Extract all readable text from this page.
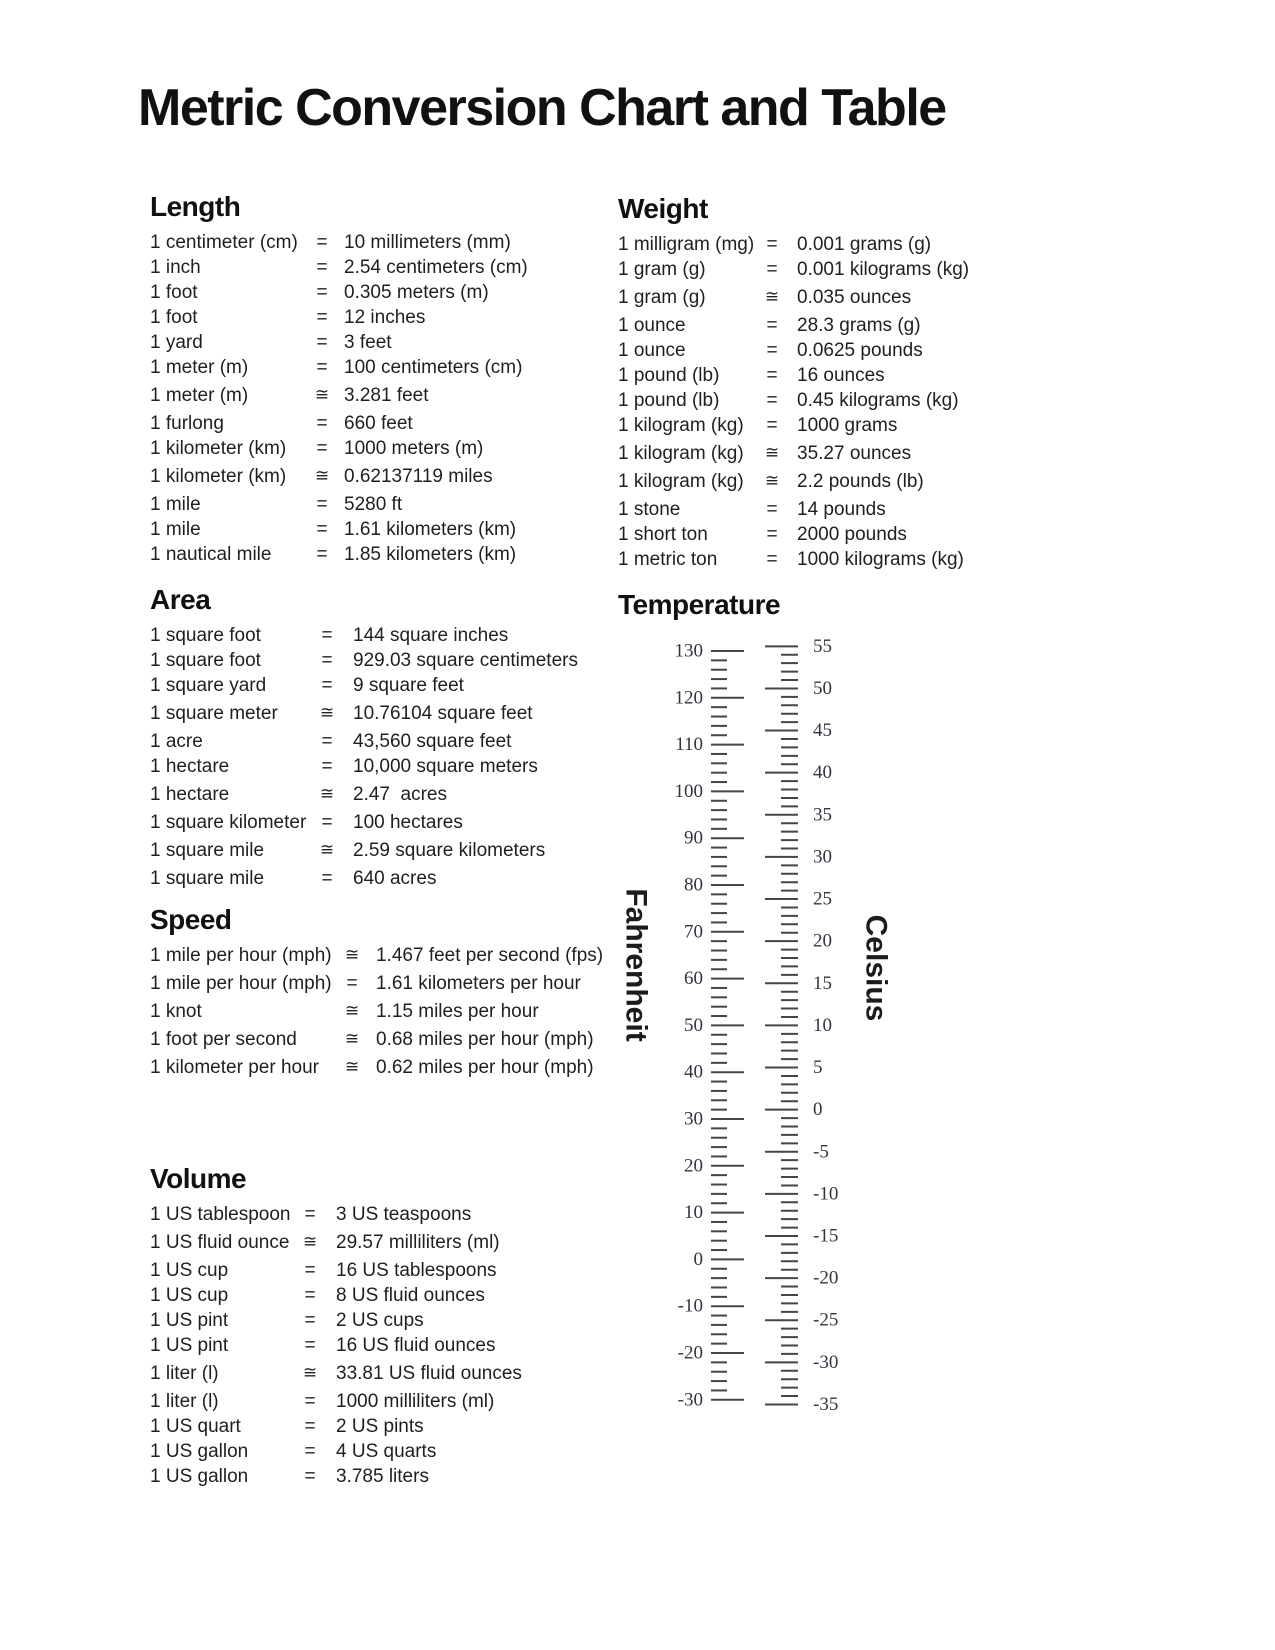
Metric Conversion Chart and Table
Length
1 centimeter (cm) = 10 millimeters (mm)
1 inch	= 2.54 centimeters (cm)
1 foot	= 0.305 meters (m)
1 foot	= 12 inches
1 yard	= 3 feet
1 meter (m)	= 100 centimeters (cm)
1 meter (m)	≅ 3.281 feet
1 furlong	= 660 feet
1 kilometer (km)	= 1000 meters (m)
1 kilometer (km)	≅ 0.62137119 miles
1 mile	= 5280 ft
1 mile	= 1.61 kilometers (km)
1 nautical mile	= 1.85 kilometers (km)
Weight
1 milligram (mg) =	0.001 grams (g)
1 gram (g)	=	0.001 kilograms (kg)
1 gram (g)	≅ 0.035 ounces
1 ounce	=	28.3 grams (g)
1 ounce	=	0.0625 pounds
1 pound (lb)	=	16 ounces
1 pound (lb)	=	0.45 kilograms (kg)
1 kilogram (kg)	=	1000 grams
1 kilogram (kg)	≅ 35.27 ounces
1 kilogram (kg)	≅ 2.2 pounds (lb)
1 stone	=	14 pounds
1 short ton	=	2000 pounds
1 metric ton	=	1000 kilograms (kg)
Area
1 square foot	=	144 square inches
1 square foot	=	929.03 square centimeters
1 square yard	=	9 square feet
1 square meter	≅ 10.76104 square feet
1 acre	=	43,560 square feet
1 hectare	=	10,000 square meters
1 hectare	≅ 2.47  acres
1 square kilometer =	100 hectares
1 square mile	≅ 2.59 square kilometers
1 square mile	=	640 acres
Speed
1 mile per hour (mph) ≅ 1.467 feet per second (fps)
1 mile per hour (mph) = 1.61 kilometers per hour
1 knot	≅ 1.15 miles per hour
1 foot per second	≅ 0.68 miles per hour (mph)
1 kilometer per hour	≅ 0.62 miles per hour (mph)
Volume
1 US tablespoon =	3 US teaspoons
1 US fluid ounce ≅ 29.57 milliliters (ml)
1 US cup	=	16 US tablespoons
1 US cup	=	8 US fluid ounces
1 US pint	=	2 US cups
1 US pint	=	16 US fluid ounces
1 liter (l)	≅ 33.81 US fluid ounces
1 liter (l)	=	1000 milliliters (ml)
1 US quart	=	2 US pints
1 US gallon	=	4 US quarts
1 US gallon	=	3.785 liters
Temperature
130
120
110
100
90
80
70
60
50
40
30
20
10
0
-10
-20
-30
55
50
45
40
35
30
25
20
15
10
5
0
-5
-10
-15
-20
-25
-30
-35
Fahrenheit	Celsius
